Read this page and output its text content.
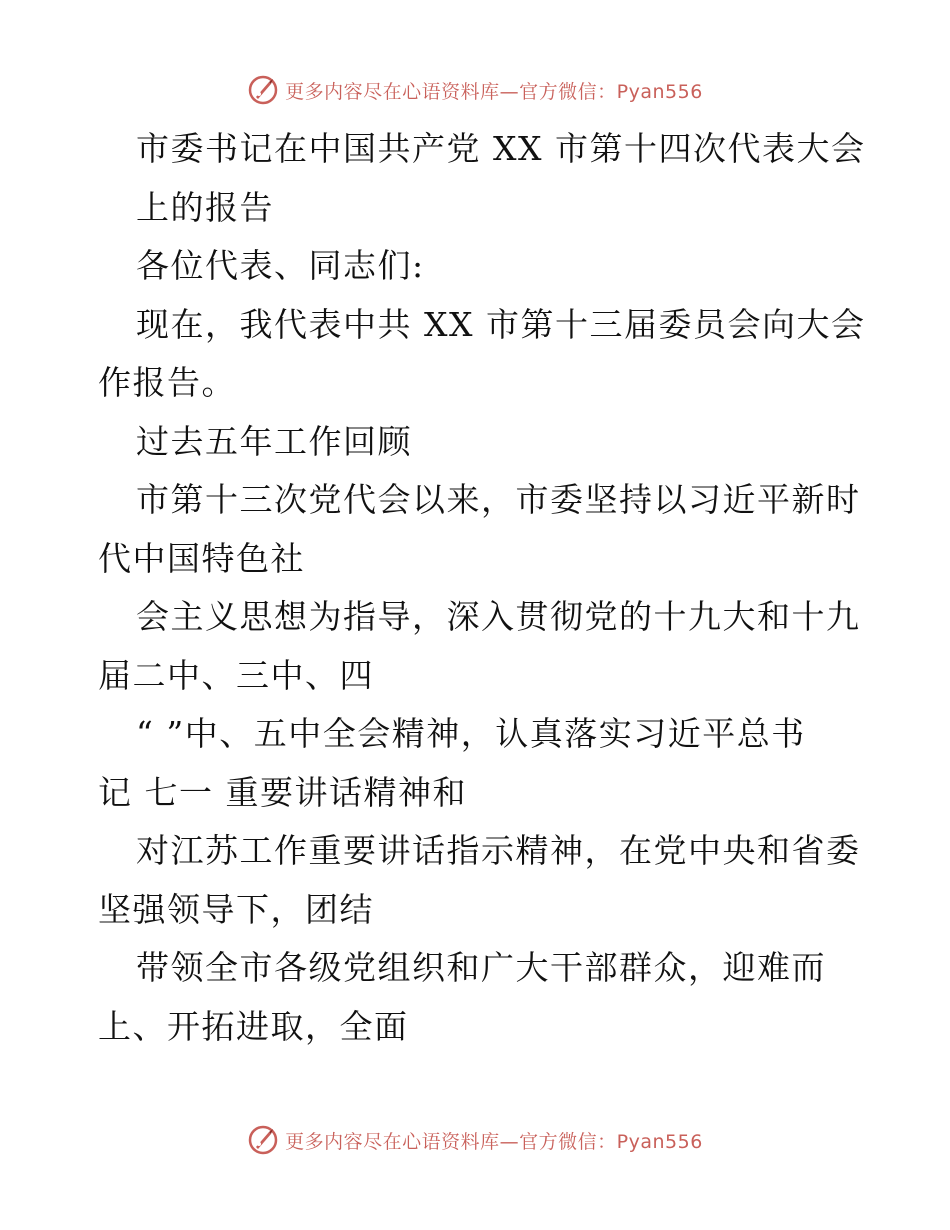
更多内容尽在心语资料库—官方微信：Pyan556
市委书记在中国共产党 XX 市第十四次代表大会
上的报告
各位代表、同志们:
现在，我代表中共 XX 市第十三届委员会向大会
作报告。
过去五年工作回顾
市第十三次党代会以来，市委坚持以习近平新时
代中国特色社
会主义思想为指导，深入贯彻党的十九大和十九
届二中、三中、四
“ ”中、五中全会精神，认真落实习近平总书
记 七一 重要讲话精神和
对江苏工作重要讲话指示精神，在党中央和省委
坚强领导下，团结
带领全市各级党组织和广大干部群众，迎难而
上、开拓进取，全面
更多内容尽在心语资料库—官方微信：Pyan556
